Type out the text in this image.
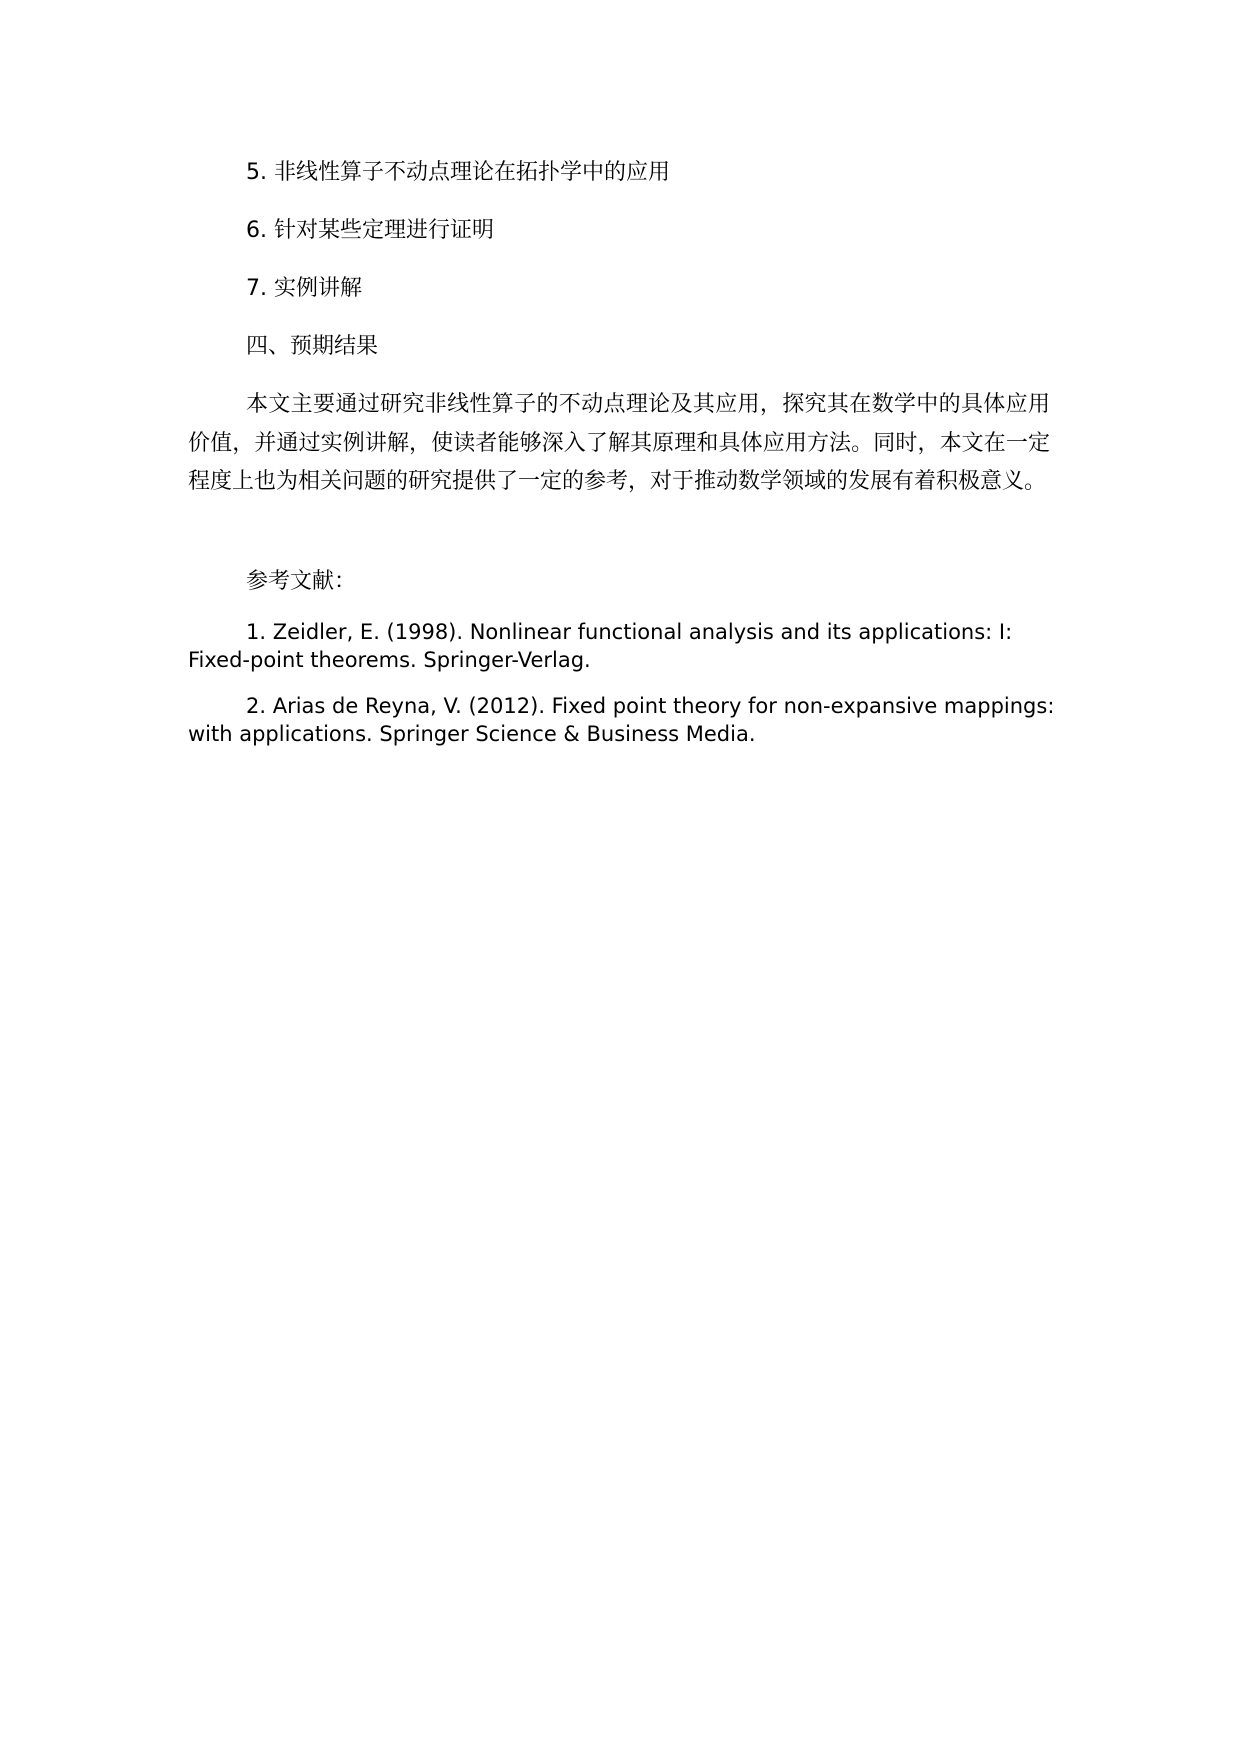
5. 非线性算子不动点理论在拓扑学中的应用
6. 针对某些定理进行证明
7. 实例讲解
四、预期结果
本文主要通过研究非线性算子的不动点理论及其应用，探究其在数学中的具体应用价值，并通过实例讲解，使读者能够深入了解其原理和具体应用方法。同时，本文在一定程度上也为相关问题的研究提供了一定的参考，对于推动数学领域的发展有着积极意义。
参考文献：
1. Zeidler, E. (1998). Nonlinear functional analysis and its applications: I: Fixed-point theorems. Springer-Verlag.
2. Arias de Reyna, V. (2012). Fixed point theory for non-expansive mappings: with applications. Springer Science & Business Media.
